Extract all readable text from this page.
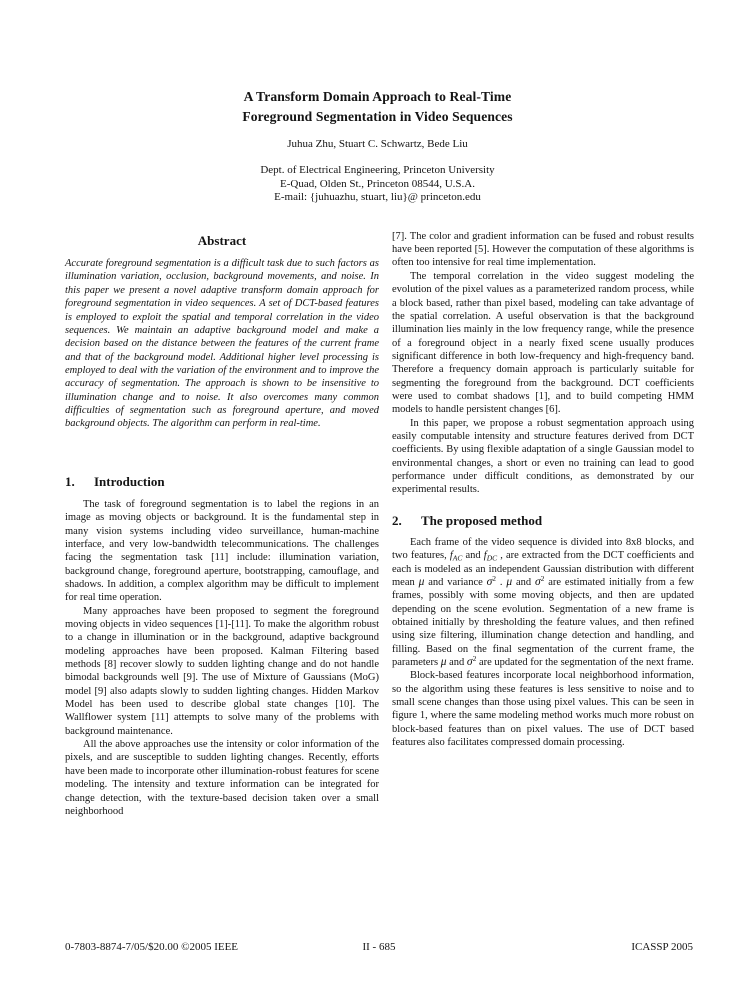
A Transform Domain Approach to Real-Time
Foreground Segmentation in Video Sequences
Juhua Zhu, Stuart C. Schwartz, Bede Liu
Dept. of Electrical Engineering, Princeton University
E-Quad, Olden St., Princeton 08544, U.S.A.
E-mail: {juhuazhu, stuart, liu}@ princeton.edu
Abstract

Accurate foreground segmentation is a difficult task due to such factors as illumination variation, occlusion, background movements, and noise. In this paper we present a novel adaptive transform domain approach for foreground segmentation in video sequences. A set of DCT-based features is employed to exploit the spatial and temporal correlation in the video sequences. We maintain an adaptive background model and make a decision based on the distance between the features of the current frame and that of the background model. Additional higher level processing is employed to deal with the variation of the environment and to improve the accuracy of segmentation. The approach is shown to be insensitive to illumination change and to noise. It also overcomes many common difficulties of segmentation such as foreground aperture, and moved background objects. The algorithm can perform in real-time.

1. Introduction

The task of foreground segmentation is to label the regions in an image as moving objects or background. It is the fundamental step in many vision systems including video surveillance, human-machine interface, and very low-bandwidth telecommunications. The challenges facing the segmentation task [11] include: illumination variation, background change, foreground aperture, bootstrapping, camouflage, and shadows. In addition, a complex algorithm may be difficult to implement for real time operation.

Many approaches have been proposed to segment the foreground moving objects in video sequences [1]-[11]. To make the algorithm robust to a change in illumination or in the background, adaptive background modeling approaches have been proposed. Kalman Filtering based methods [8] recover slowly to sudden lighting change and do not handle bimodal backgrounds well [9]. The use of Mixture of Gaussians (MoG) model [9] also adapts slowly to sudden lighting changes. Hidden Markov Model has been used to describe global state changes [10]. The Wallflower system [11] attempts to solve many of the problems with background maintenance.

All the above approaches use the intensity or color information of the pixels, and are susceptible to sudden lighting changes. Recently, efforts have been made to incorporate other illumination-robust features for scene modeling. The intensity and texture information can be integrated for change detection, with the texture-based decision taken over a small neighborhood

[7]. The color and gradient information can be fused and robust results have been reported [5]. However the computation of these algorithms is often too intensive for real time implementation.

The temporal correlation in the video suggest modeling the evolution of the pixel values as a parameterized random process, while a block based, rather than pixel based, modeling can take advantage of the spatial correlation. A useful observation is that the background illumination lies mainly in the low frequency range, while the presence of a foreground object in a nearly fixed scene usually produces significant difference in both low-frequency and high-frequency band. Therefore a frequency domain approach is particularly suitable for segmenting the foreground from the background. DCT coefficients were used to combat shadows [1], and to build competing HMM models to handle persistent changes [6].

In this paper, we propose a robust segmentation approach using easily computable intensity and structure features derived from DCT coefficients. By using flexible adaptation of a single Gaussian model to environmental changes, a short or even no training can lead to good performance under difficult conditions, as demonstrated by our experimental results.

2. The proposed method

Each frame of the video sequence is divided into 8x8 blocks, and two features, $f_{AC}$ and $f_{DC}$ , are extracted from the DCT coefficients and each is modeled as an independent Gaussian distribution with different mean μ and variance $\sigma^2$ . μ and $\sigma^2$ are estimated initially from a few frames, possibly with some moving objects, and then are updated depending on the scene evolution. Segmentation of a new frame is obtained initially by thresholding the feature values, and then refined using size filtering, illumination change detection and handling, and filling. Based on the final segmentation of the current frame, the parameters μ and $\sigma^2$ are updated for the segmentation of the next frame.

Block-based features incorporate local neighborhood information, so the algorithm using these features is less sensitive to noise and to small scene changes than those using pixel values. This can be seen in figure 1, where the same modeling method works much more robust on block-based features than on pixel values. The use of DCT based features also facilitates compressed domain processing.

0-7803-8874-7/05/$20.00 ©2005 IEEE	II - 685	ICASSP 2005
